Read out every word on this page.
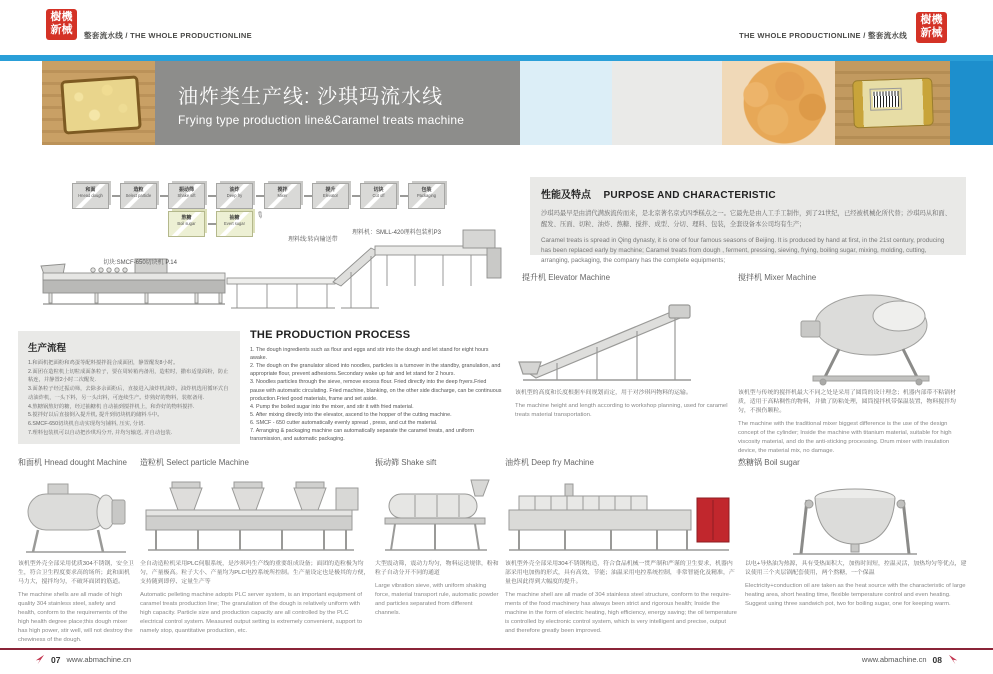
樹機新械	整套流水线 / THE WHOLE PRODUCTIONLINE	THE WHOLE PRODUCTIONLINE / 整套流水线
樹機新械
油炸类生产线: 沙琪玛流水线
Frying type production line&Caramel treats machine
和面
Hnead dough
造粒
Select particle
振动筛
Shake sift
油炸
Deep fry
搅拌
Mixer
提升
Elevator
切块
Cut off
包装
Packaging
熬糖
Boil sugar
抽糖
Evert sugar
✎
理料线:转向输送带
理料机：SMLL-420理料包装机P3
切块:SMCF-650切块机 P.14
性能及特点 PURPOSE AND CHARACTERISTIC
沙琪玛最早是由清代满族流传而来，是北京著名京式四季糕点之一。它最先是由人工手工制作，到了21世纪，已经被机械化所代替；沙琪玛从和面、醒发、压面、切粒、油炸、熬糖、搅拌、成型、分切、理料、包装，全套设备本公司均有生产；
Caramel treats is spread in Qing dynasty, it is one of four famous seasons of Beijing. It is produced by hand at first, in the 21st century, producing has been replaced early by machine; Caramel treats from dough , ferment, pressing, sieving, frying, boiling sugar, mixing, molding, cutting, arranging, packaging, the company has the complete equipments;
提升机 Elevator Machine
该机型的高度和长度根据车间规划而定，用于对沙琪玛物料的运输。
The machine height and length according to workshop planning, used for caramel treats material transportation.
搅拌机 Mixer Machine
该机型与传统的搅拌机最大不同之处是采用了圆筒的设计理念；机器内部带不粘锅材质，适用于高粘稠性的物料，并做了防粘处理，圆筒搅拌机带保温装置，物料搅拌均匀，不损伤颗粒。
The machine with the traditional mixer biggest difference is the use of the design concept of the cylinder; Inside the machine with titanium material, suitable for high viscosity material, and do the anti-sticking processing. Drum mixer with insulation device, the material mix, no damage.
生产流程
1.和面机把面粉和鸡蛋等配料搅拌混合成面团，静置醒发8小时。
2.面团在造粒机上切粒成面条粒子，要在周转箱内备用，造粒时，撒布适量面粉，防止粘连，并静置2小时二次醒发.
3.面条粒子经过振动筛，去除多余面粉后，直接进入油炸机油炸。油炸机选用循环式自动油炸机，一头下料，另一头出料，可连续生产。炸熟好的物料，装框备用.
4.熬糖锅熬好的糖，经过抽糖机 自动抽到搅拌机上，和炸好的物料搅拌.
5.搅拌好以后直接倒入提升机, 提升到切块机的储料斗中。
6.SMCF-650切块机自动实现均匀铺料, 压实, 分切.
7.理料包装机可以自动把沙琪玛分开, 并均匀输送, 并自动包装.
THE PRODUCTION PROCESS
1. The dough ingredients such as flour and eggs and stir into the dough and let stand for eight hours awake.
2. The dough on the granulator sliced into noodles, particles is a turnover in the standby, granulation, and appropriate flour, prevent adhesions.Secondary wake up fair and let stand for 2 hours.
3. Noodles particles through the sieve, remove excess flour. Fried directly into the deep fryers.Fried pause with automatic circulating. Fried machine, blanking, on the other side discharge, can be continuous production.Fried good materials, frame and set aside.
4. Pump the boiled sugar into the mixer, and stir it with fried material.
5. After mixing directly into the elevator, ascend to the hopper of the cutting machine.
6. SMCF - 650 cutter automatically evenly spread , press, and cut the material.
7. Arranging & packaging machine can automatically separate the caramel treats, and uniform transmission, and automatic packaging.
和面机 Hnead dought Machine 造粒机 Select particle Machine	振动筛 Shake sift	油炸机 Deep fry Machine	熬糖锅 Boil sugar
该机型外壳全部采用优质304不锈钢，安全卫生，符合卫生程度要求高的场所；此和面机马力大，搅拌均匀，不破坏面团的筋道。
The machine shells are all made of high quality 304 stainless steel, safety and health, conform to the requirements of the high health degree place;this dough mixer has high power, stir well, will not destroy the chewiness of the dough.
全自动造粒机采用PLC伺服系统，是沙琪玛生产线的重要组成设备；面团的造粒极为均匀，产量极高。粒子大小、产量均为PLC电控系统所控制。生产量设定也是极其的方便，支持随到即停、定量生产等
Automatic pelleting machine adopts PLC server system, is an important equipment of caramel treats production line; The granulation of the dough is relatively uniform with high capacity. Particle size and production capacity are all controlled by the PLC electrical control system. Measured output setting is extremely convenient, support to namely stop, quantitative production, etc.
大型震动筛，震动力均匀，物料运送规律，粉和粒子自动分开不同的通道
Large vibration sieve, with uniform shaking force, material transport rule, automatic powder and particles separated from different channels.
该机型外壳全部采用304不锈钢构造，符合食品机械一贯严制和严谨的卫生要求，机器内部采用电加热的形式，具有高效、节能；油温采用电控系统控制，非常智能化及精准，产量也因此得到大幅度的提升。
The machine shell are all made of 304 stainless steel structure, conform to the require-ments of the food machinery has always been strict and rigorous health; Inside the machine in the form of electric heating, high efficiency, energy saving; the oil temperature is controlled by electronic control system, which is very intelligent and precise, output and therefore greatly been improved.
以电+导热油为热源，具有受热面积大，加热时间短，控温灵活，加热均匀等优点，建议使用三个夹层锅配套使用，两个熬糖，一个保温
Electricity+conduction oil are taken as the heat source with the characteristic of large heating area, short heating time, flexible temperature control and even heating. Suggest using three sandwich pot, two for boiling sugar, one for keeping warm.
07 www.abmachine.cn	www.abmachine.cn 08
